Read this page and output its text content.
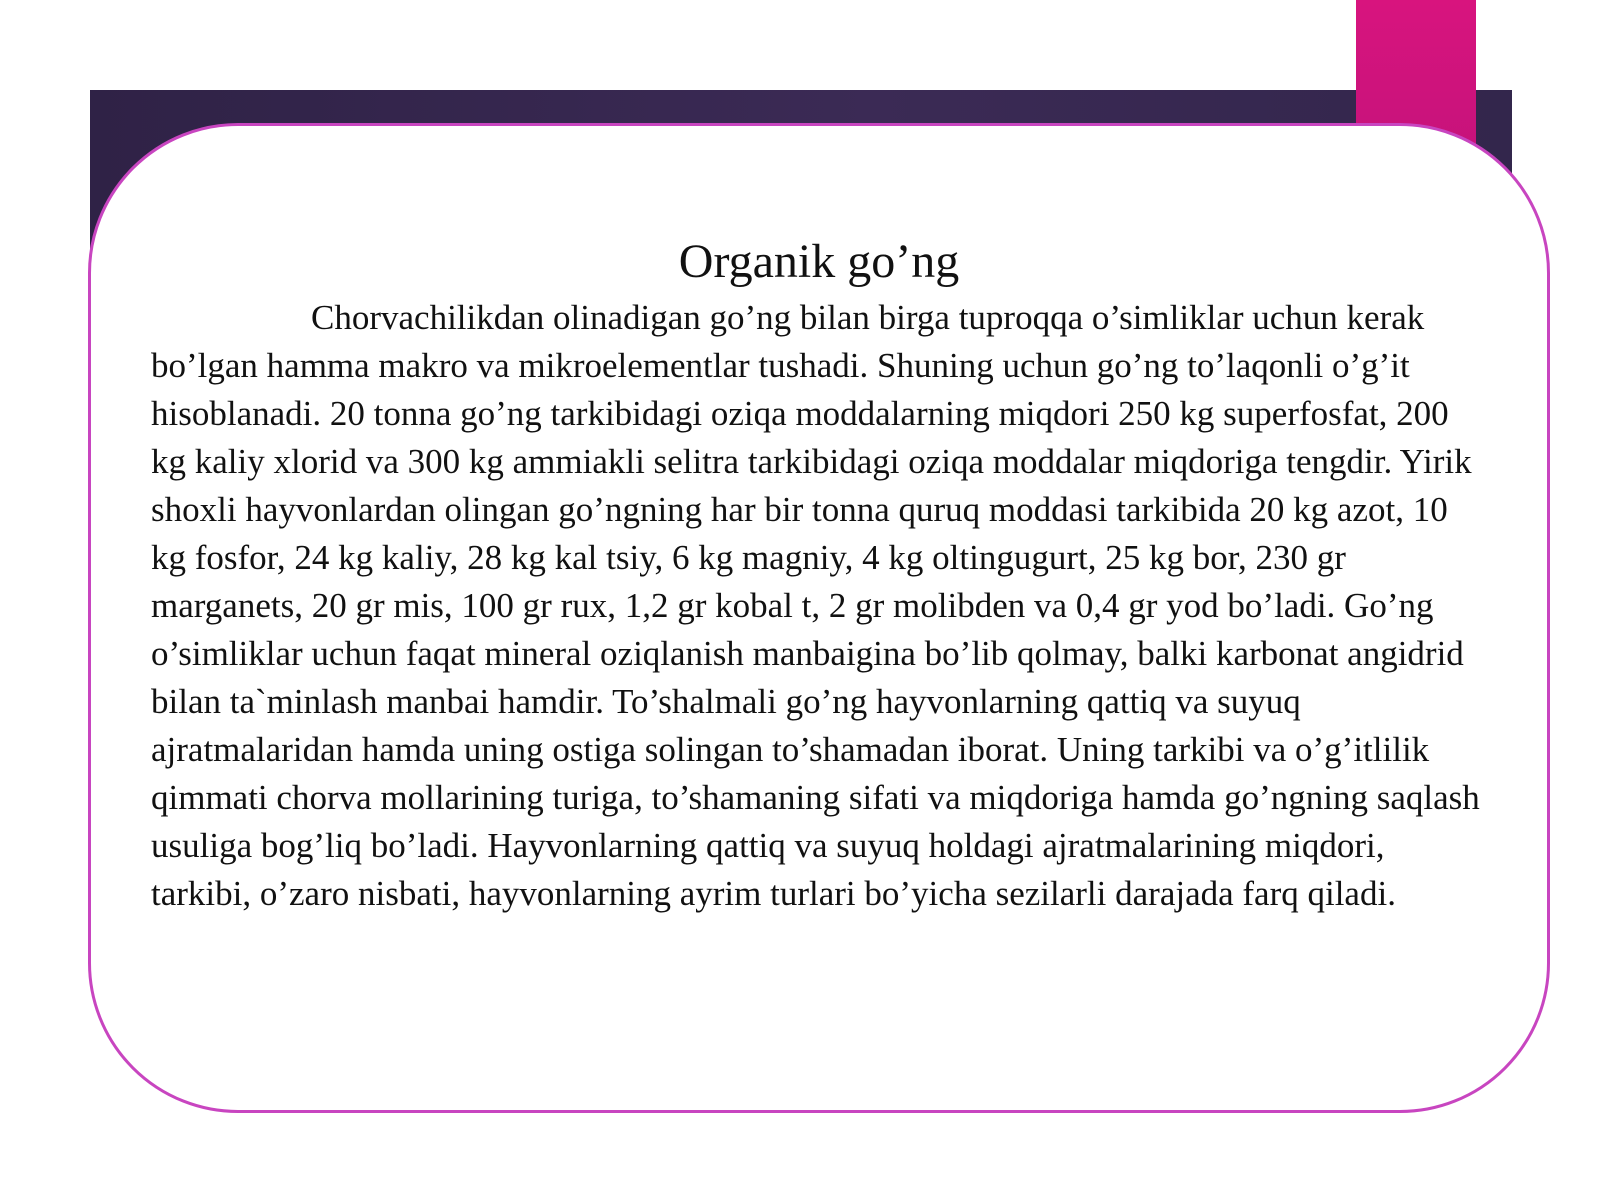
Organik go’ng

Chorvachilikdan olinadigan go’ng bilan birga tuproqqa o’simliklar uchun kerak bo’lgan hamma makro va mikroelementlar tushadi. Shuning uchun go’ng to’laqonli o’g’it hisoblanadi. 20 tonna go’ng tarkibidagi oziqa moddalarning miqdori 250 kg superfosfat, 200 kg kaliy xlorid va 300 kg ammiakli selitra tarkibidagi oziqa moddalar miqdoriga tengdir. Yirik shoxli hayvonlardan olingan go’ngning har bir tonna quruq moddasi tarkibida 20 kg azot, 10 kg fosfor, 24 kg kaliy, 28 kg kal tsiy, 6 kg magniy, 4 kg oltingugurt, 25 kg bor, 230 gr marganets, 20 gr mis, 100 gr rux, 1,2 gr kobal t, 2 gr molibden va 0,4 gr yod bo’ladi. Go’ng o’simliklar uchun faqat mineral oziqlanish manbaigina bo’lib qolmay, balki karbonat angidrid bilan ta`minlash manbai hamdir. To’shalmali go’ng hayvonlarning qattiq va suyuq ajratmalaridan hamda uning ostiga solingan to’shamadan iborat. Uning tarkibi va o’g’itlilik qimmati chorva mollarining turiga, to’shamaning sifati va miqdoriga hamda go’ngning saqlash usuliga bog’liq bo’ladi. Hayvonlarning qattiq va suyuq holdagi ajratmalarining miqdori, tarkibi, o’zaro nisbati, hayvonlarning ayrim turlari bo’yicha sezilarli darajada farq qiladi.
